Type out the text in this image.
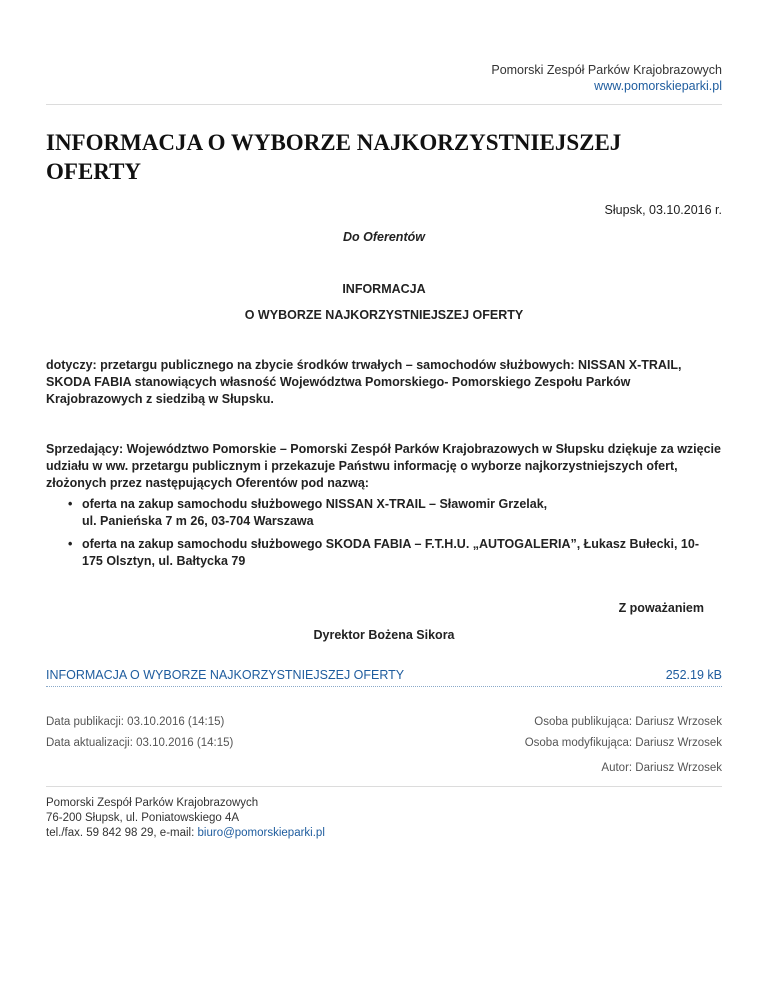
Pomorski Zespół Parków Krajobrazowych
www.pomorskieparki.pl
INFORMACJA O WYBORZE NAJKORZYSTNIEJSZEJ OFERTY
Słupsk, 03.10.2016 r.
Do Oferentów
INFORMACJA
O WYBORZE NAJKORZYSTNIEJSZEJ OFERTY

dotyczy: przetargu publicznego na zbycie środków trwałych – samochodów służbowych: NISSAN X-TRAIL, SKODA FABIA stanowiących własność Województwa Pomorskiego- Pomorskiego Zespołu Parków Krajobrazowych z siedzibą w Słupsku.

Sprzedający: Województwo Pomorskie – Pomorski Zespół Parków Krajobrazowych w Słupsku dziękuje za wzięcie udziału w ww. przetargu publicznym i przekazuje Państwu informację o wyborze najkorzystniejszych ofert, złożonych przez następujących Oferentów pod nazwą:

• oferta na zakup samochodu służbowego NISSAN X-TRAIL – Sławomir Grzelak,
ul. Panieńska 7 m 26, 03-704 Warszawa
• oferta na zakup samochodu służbowego SKODA FABIA – F.T.H.U. „AUTOGALERIA”, Łukasz Bułecki, 10-
175 Olsztyn, ul. Bałtycka 79
Z poważaniem
Dyrektor Bożena Sikora
INFORMACJA O WYBORZE NAJKORZYSTNIEJSZEJ OFERTY	252.19 kB
Data publikacji: 03.10.2016 (14:15)
Data aktualizacji: 03.10.2016 (14:15)
Osoba publikująca: Dariusz Wrzosek
Osoba modyfikująca: Dariusz Wrzosek
Autor: Dariusz Wrzosek
Pomorski Zespół Parków Krajobrazowych
76-200 Słupsk, ul. Poniatowskiego 4A
tel./fax. 59 842 98 29, e-mail: biuro@pomorskieparki.pl
